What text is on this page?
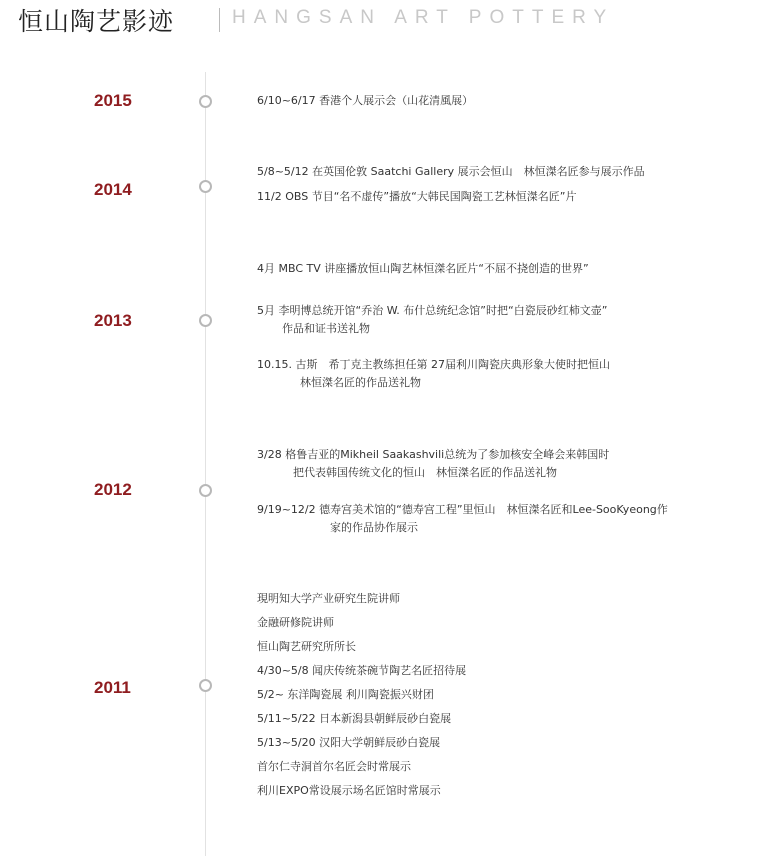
恒山陶艺影迹	HANGSAN ART POTTERY
2015	6/10~6/17 香港个人展示会（山花清風展）
2014
5/8~5/12 在英国伦敦 Saatchi Gallery 展示会恒山　林恒滐名匠参与展示作品
11/2 OBS 节目“名不虚传”播放“大韩民国陶瓷工艺林恒滐名匠”片
2013
4月 MBC TV 讲座播放恒山陶艺林恒滐名匠片“不屈不挠创造的世界”
5月 李明博总统开馆“乔治 W. 布什总统纪念馆”时把“白瓷辰砂红柿文壶”
作品和证书送礼物
10.15. 古斯　希丁克主教练担任第 27届利川陶瓷庆典形象大使时把恒山
林恒滐名匠的作品送礼物
2012
3/28 格鲁吉亚的Mikheil Saakashvili总统为了参加核安全峰会来韩国时
把代表韩国传统文化的恒山　林恒滐名匠的作品送礼物
9/19~12/2 德寿宫美术馆的“德寿宫工程”里恒山　林恒滐名匠和Lee-SooKyeong作
家的作品协作展示
2011
現明知大学产业研究生院讲师
金融研修院讲师
恒山陶艺研究所所长
4/30~5/8 闻庆传统茶碗节陶艺名匠招待展
5/2~ 东洋陶瓷展 利川陶瓷振兴财团
5/11~5/22 日本新潟县朝鲜辰砂白瓷展
5/13~5/20 汉阳大学朝鲜辰砂白瓷展
首尔仁寺洞首尔名匠会时常展示
利川EXPO常设展示场名匠馆时常展示
